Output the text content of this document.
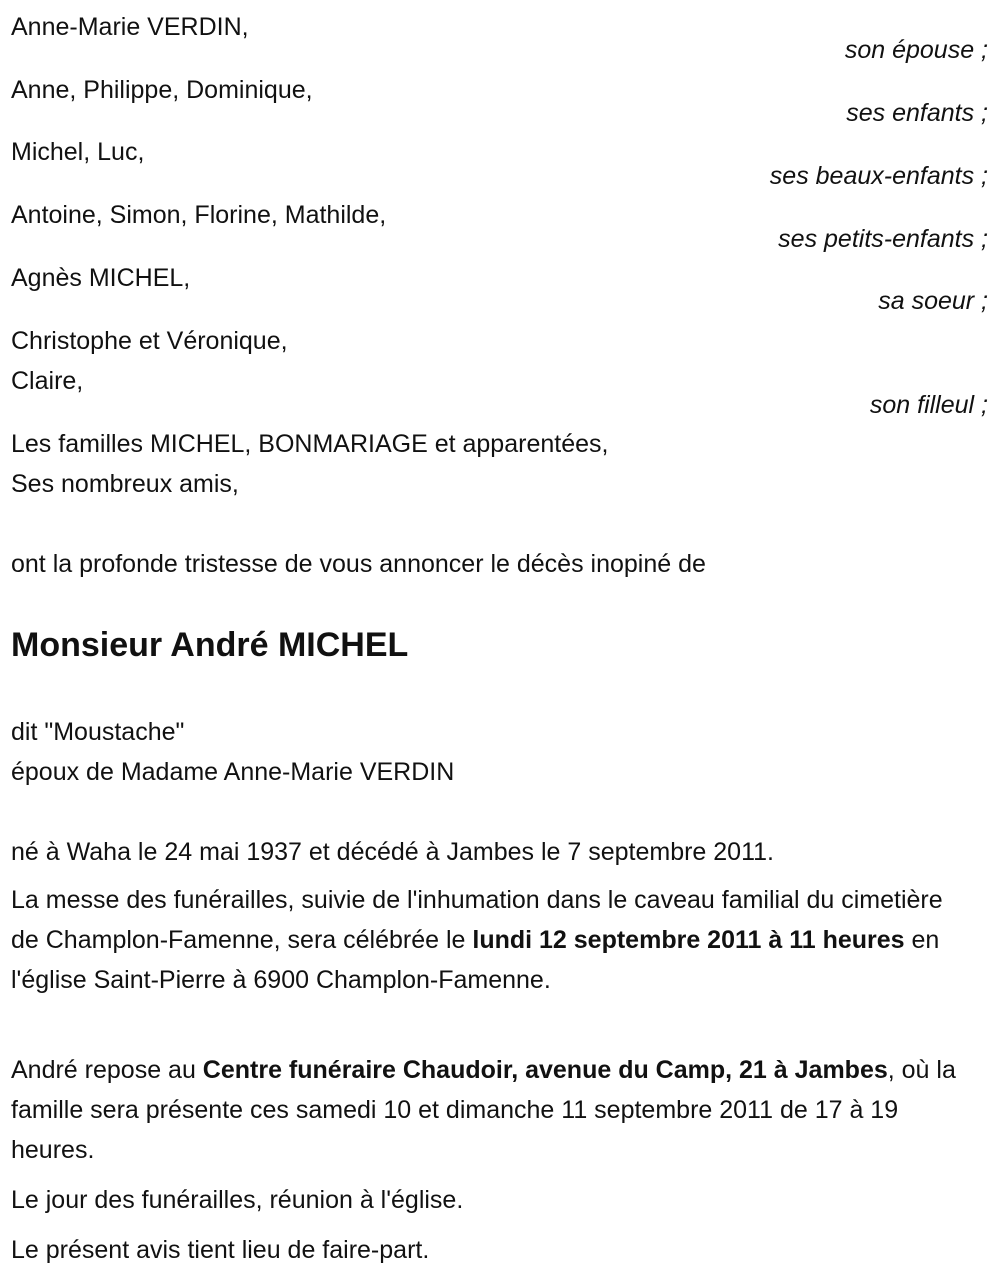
Anne-Marie VERDIN,
son épouse ;
Anne, Philippe, Dominique,
ses enfants ;
Michel, Luc,
ses beaux-enfants ;
Antoine, Simon, Florine, Mathilde,
ses petits-enfants ;
Agnès MICHEL,
sa soeur ;
Christophe et Véronique,
Claire,
son filleul ;
Les familles MICHEL, BONMARIAGE et apparentées,
Ses nombreux amis,
ont la profonde tristesse de vous annoncer le décès inopiné de
Monsieur André MICHEL
dit "Moustache"
époux de Madame Anne-Marie VERDIN
né à Waha le 24 mai 1937 et décédé à Jambes le 7 septembre 2011.
La messe des funérailles, suivie de l'inhumation dans le caveau familial du cimetière de Champlon-Famenne, sera célébrée le lundi 12 septembre 2011 à 11 heures en l'église Saint-Pierre à 6900 Champlon-Famenne.
André repose au Centre funéraire Chaudoir, avenue du Camp, 21 à Jambes, où la famille sera présente ces samedi 10 et dimanche 11 septembre 2011 de 17 à 19 heures.
Le jour des funérailles, réunion à l'église.
Le présent avis tient lieu de faire-part.
